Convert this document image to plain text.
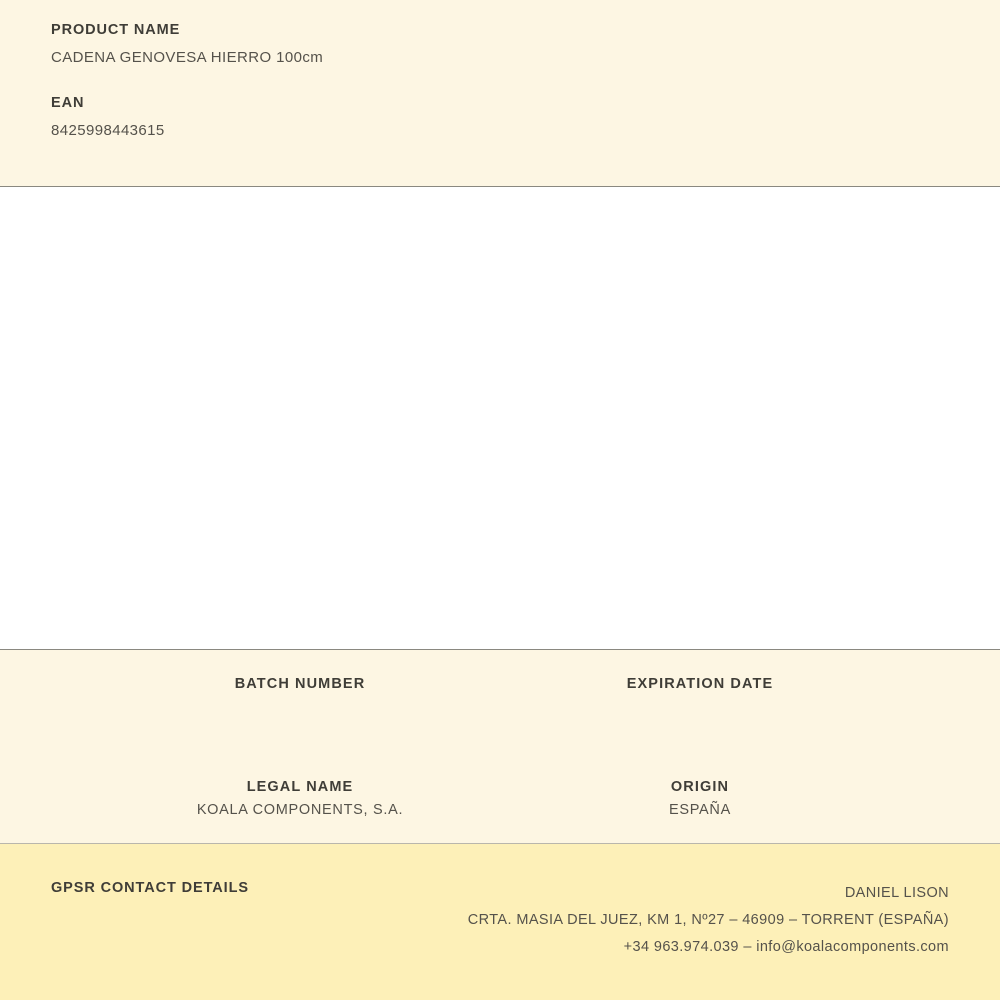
PRODUCT NAME

CADENA GENOVESA HIERRO 100cm

EAN

8425998443615

BATCH NUMBER	EXPIRATION DATE

LEGAL NAME

KOALA COMPONENTS, S.A.

ORIGIN

ESPAÑA

GPSR CONTACT DETAILS	DANIEL LISON
CRTA. MASIA DEL JUEZ, KM 1, Nº27 – 46909 – TORRENT (ESPAÑA)
+34 963.974.039 – info@koalacomponents.com
